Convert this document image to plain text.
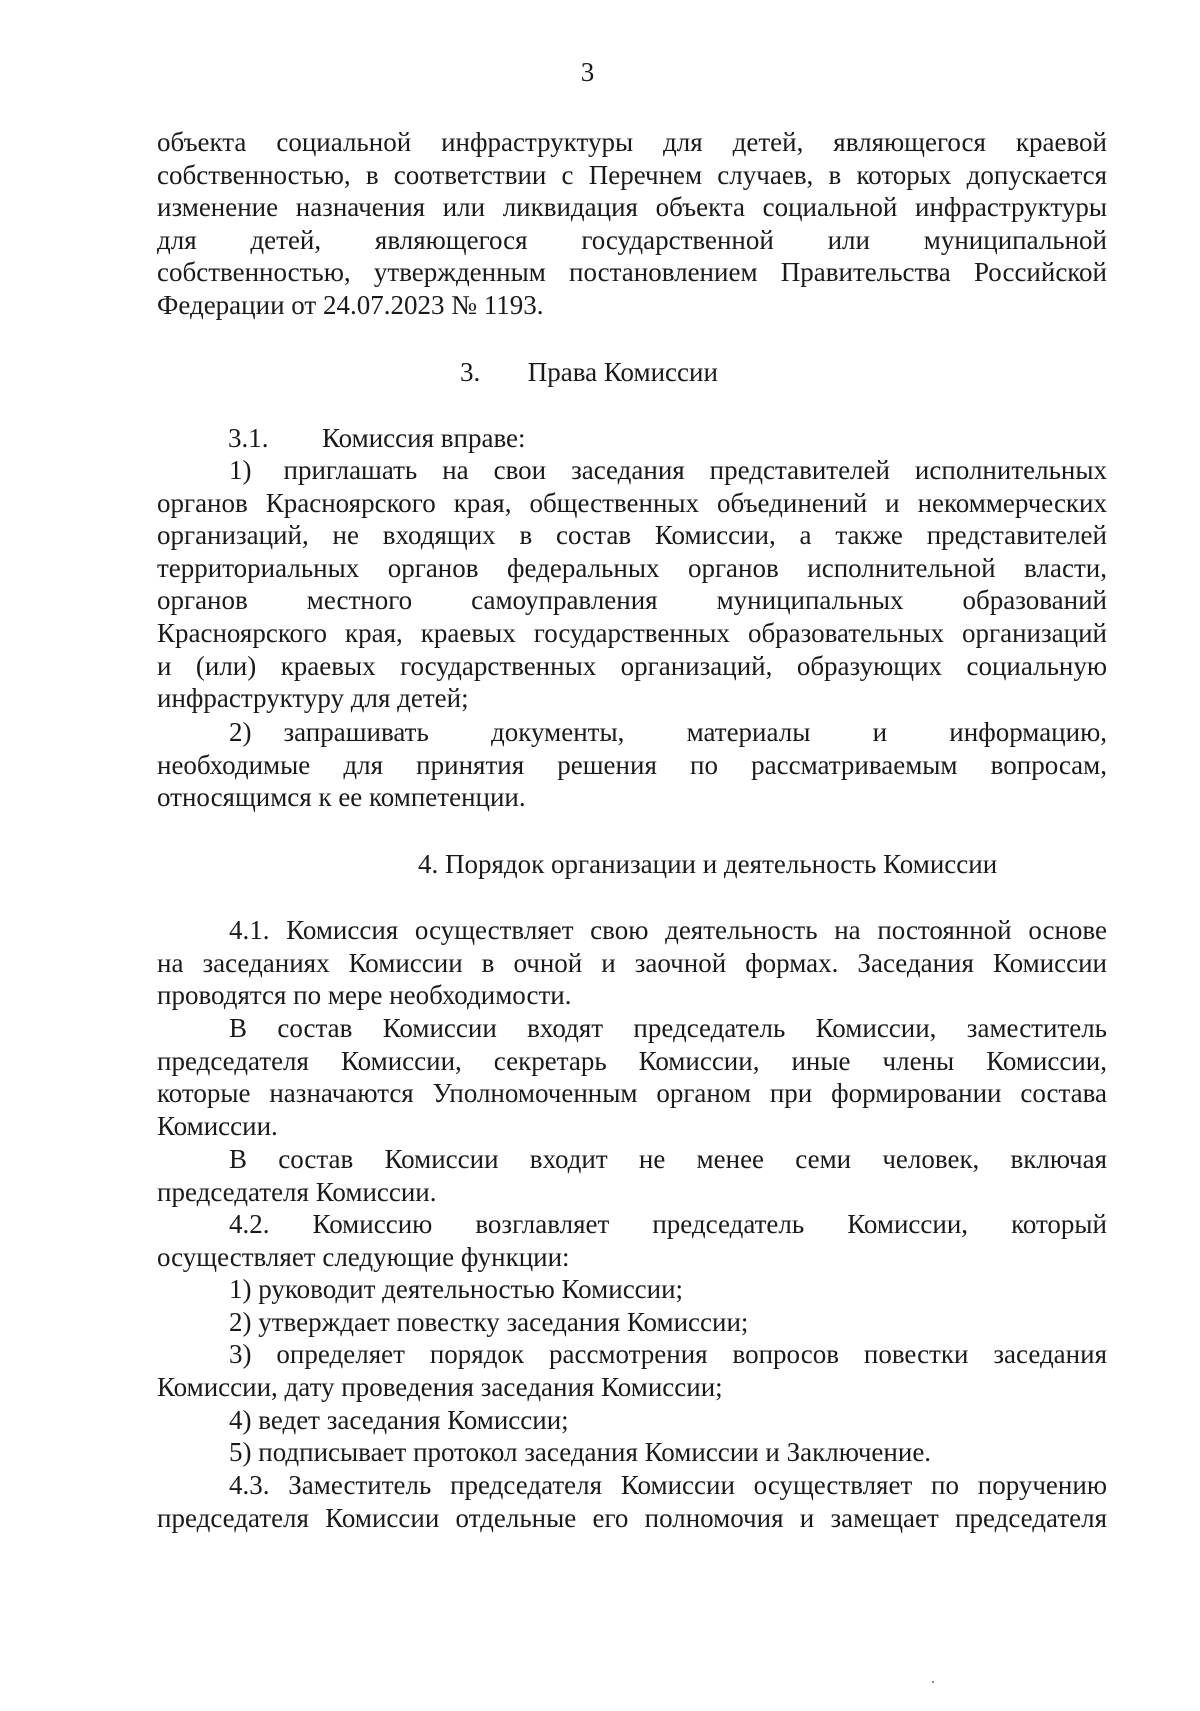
3
объекта социальной инфраструктуры для детей, являющегося краевой
собственностью, в соответствии с Перечнем случаев, в которых допускается
изменение назначения или ликвидация объекта социальной инфраструктуры
для детей, являющегося государственной или муниципальной
собственностью, утвержденным постановлением Правительства Российской
Федерации от 24.07.2023 № 1193.
3. Права Комиссии
3.1. Комиссия вправе:
1) приглашать на свои заседания представителей исполнительных
органов Красноярского края, общественных объединений и некоммерческих
организаций, не входящих в состав Комиссии, а также представителей
территориальных органов федеральных органов исполнительной власти,
органов местного самоуправления муниципальных образований
Красноярского края, краевых государственных образовательных организаций
и (или) краевых государственных организаций, образующих социальную
инфраструктуру для детей;
2) запрашивать документы, материалы и информацию,
необходимые для принятия решения по рассматриваемым вопросам,
относящимся к ее компетенции.
4. Порядок организации и деятельность Комиссии
4.1. Комиссия осуществляет свою деятельность на постоянной основе
на заседаниях Комиссии в очной и заочной формах. Заседания Комиссии
проводятся по мере необходимости.
В состав Комиссии входят председатель Комиссии, заместитель
председателя Комиссии, секретарь Комиссии, иные члены Комиссии,
которые назначаются Уполномоченным органом при формировании состава
Комиссии.
В состав Комиссии входит не менее семи человек, включая
председателя Комиссии.
4.2. Комиссию возглавляет председатель Комиссии, который
осуществляет следующие функции:
1) руководит деятельностью Комиссии;
2) утверждает повестку заседания Комиссии;
3) определяет порядок рассмотрения вопросов повестки заседания
Комиссии, дату проведения заседания Комиссии;
4) ведет заседания Комиссии;
5) подписывает протокол заседания Комиссии и Заключение.
4.3. Заместитель председателя Комиссии осуществляет по поручению
председателя Комиссии отдельные его полномочия и замещает председателя
